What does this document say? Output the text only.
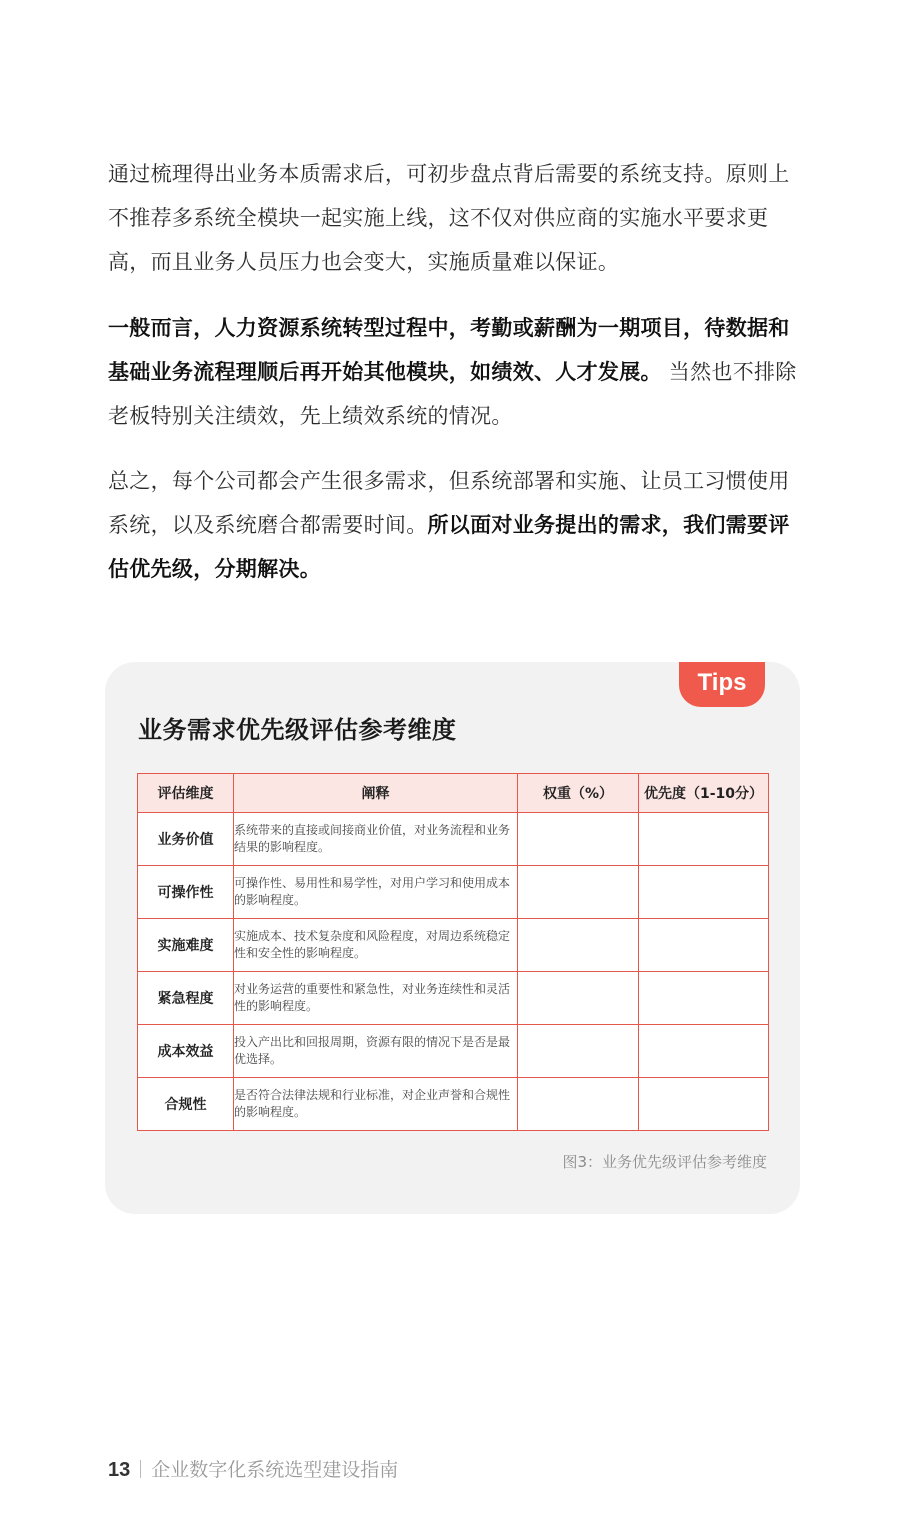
通过梳理得出业务本质需求后，可初步盘点背后需要的系统支持。原则上不推荐多系统全模块一起实施上线，这不仅对供应商的实施水平要求更高，而且业务人员压力也会变大，实施质量难以保证。

一般而言，人力资源系统转型过程中，考勤或薪酬为一期项目，待数据和基础业务流程理顺后再开始其他模块，如绩效、人才发展。 当然也不排除老板特别关注绩效，先上绩效系统的情况。

总之，每个公司都会产生很多需求，但系统部署和实施、让员工习惯使用系统，以及系统磨合都需要时间。所以面对业务提出的需求，我们需要评估优先级，分期解决。

Tips
业务需求优先级评估参考维度
评估维度	阐释	权重（%）	优先度（1-10分）
业务价值	系统带来的直接或间接商业价值，对业务流程和业务结果的影响程度。		
可操作性	可操作性、易用性和易学性，对用户学习和使用成本的影响程度。		
实施难度	实施成本、技术复杂度和风险程度，对周边系统稳定性和安全性的影响程度。		
紧急程度	对业务运营的重要性和紧急性，对业务连续性和灵活性的影响程度。		
成本效益	投入产出比和回报周期，资源有限的情况下是否是最优选择。		
合规性	是否符合法律法规和行业标准，对企业声誉和合规性的影响程度。		

图3：业务优先级评估参考维度

13 企业数字化系统选型建设指南
